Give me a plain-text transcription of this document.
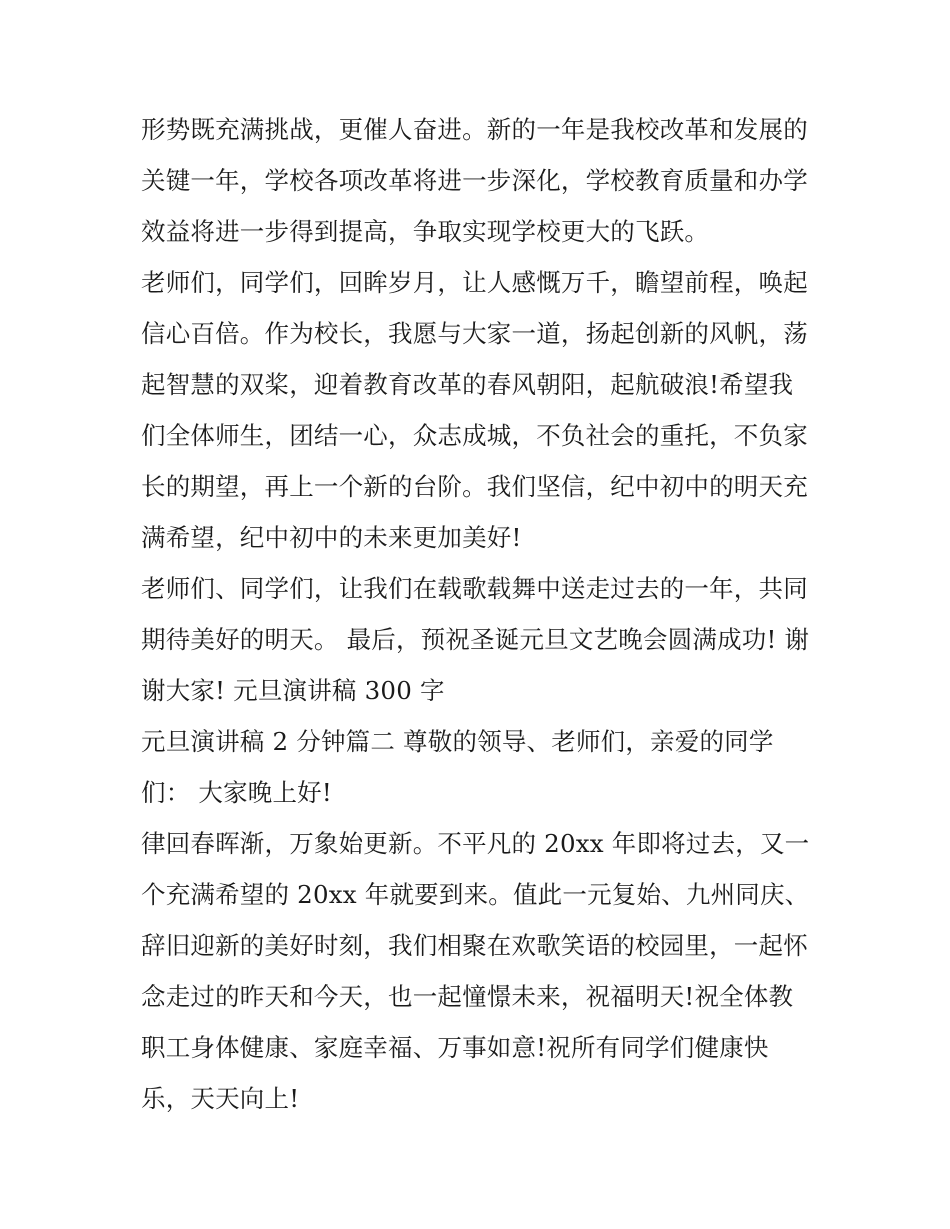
形势既充满挑战，更催人奋进。新的一年是我校改革和发展的
关键一年，学校各项改革将进一步深化，学校教育质量和办学
效益将进一步得到提高，争取实现学校更大的飞跃。
老师们，同学们，回眸岁月，让人感慨万千，瞻望前程，唤起
信心百倍。作为校长，我愿与大家一道，扬起创新的风帆，荡
起智慧的双桨，迎着教育改革的春风朝阳，起航破浪!希望我
们全体师生，团结一心，众志成城，不负社会的重托，不负家
长的期望，再上一个新的台阶。我们坚信，纪中初中的明天充
满希望，纪中初中的未来更加美好!
老师们、同学们，让我们在载歌载舞中送走过去的一年，共同
期待美好的明天。 最后，预祝圣诞元旦文艺晚会圆满成功! 谢
谢大家! 元旦演讲稿 300 字
元旦演讲稿 2 分钟篇二 尊敬的领导、老师们，亲爱的同学
们： 大家晚上好!
律回春晖渐，万象始更新。不平凡的 20xx 年即将过去，又一
个充满希望的 20xx 年就要到来。值此一元复始、九州同庆、
辞旧迎新的美好时刻，我们相聚在欢歌笑语的校园里，一起怀
念走过的昨天和今天，也一起憧憬未来，祝福明天!祝全体教
职工身体健康、家庭幸福、万事如意!祝所有同学们健康快
乐，天天向上!
